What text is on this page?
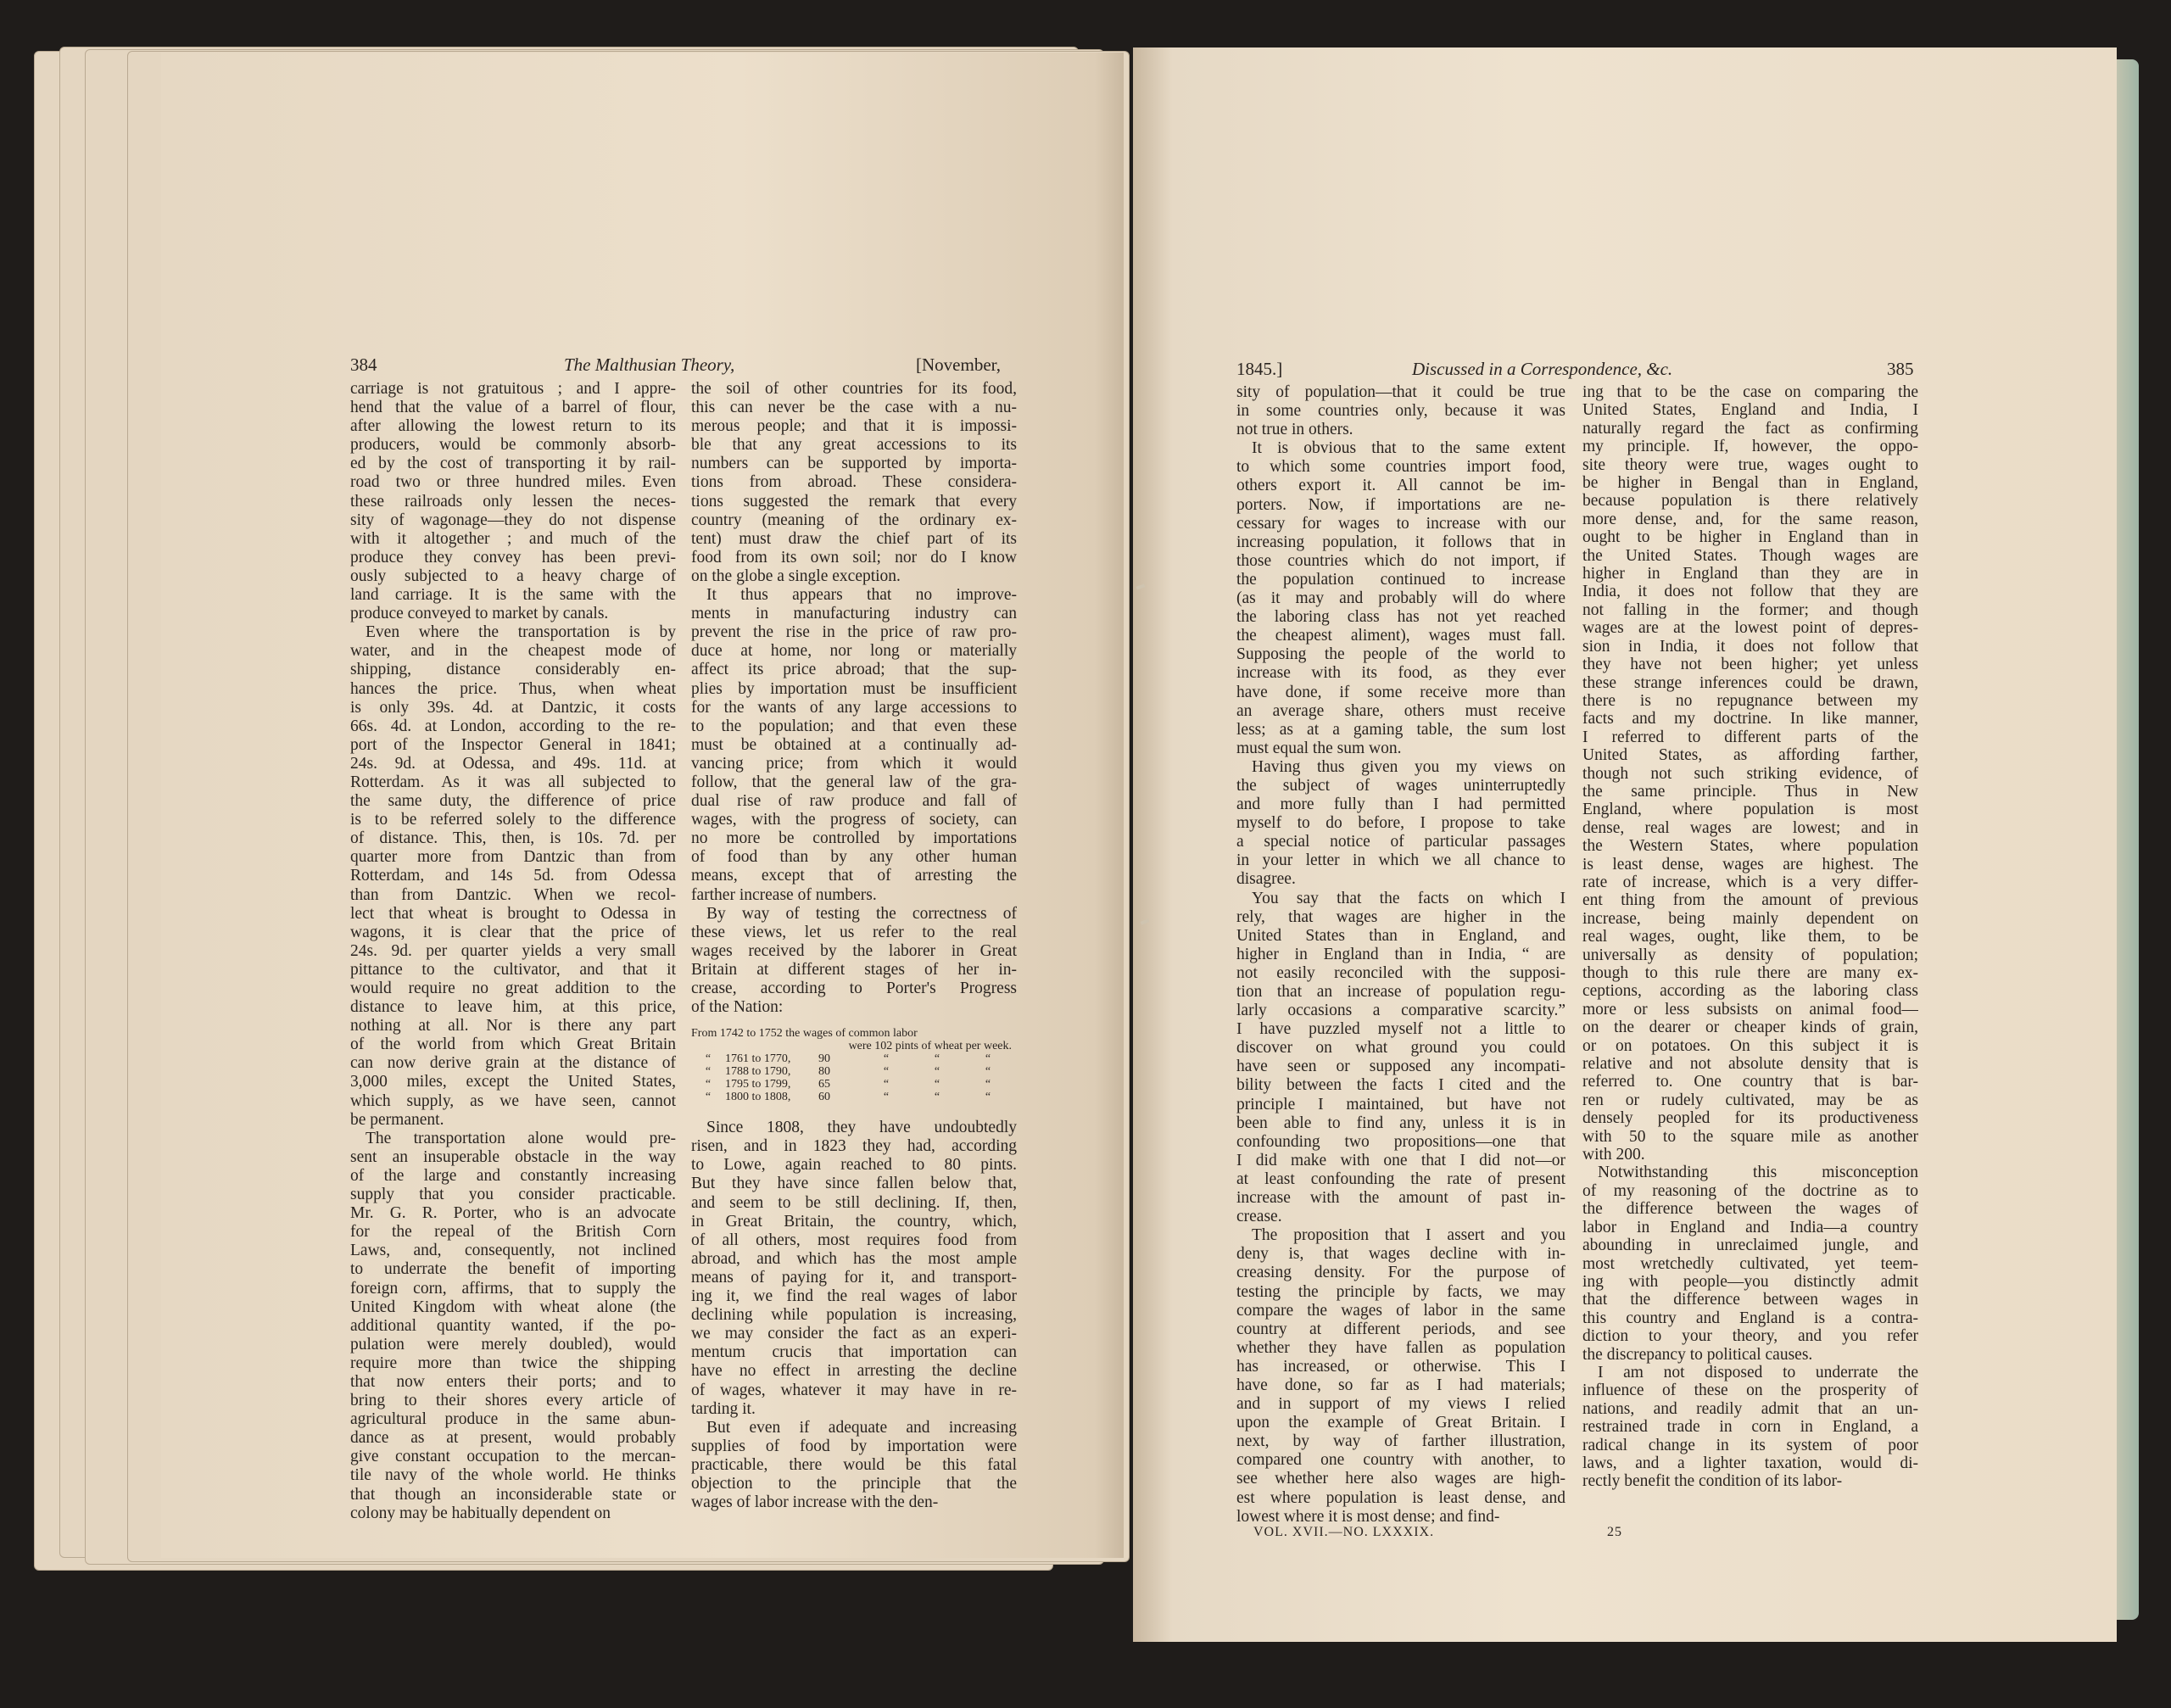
384	The Malthusian Theory,	[November,	1845.]	Discussed in a Correspondence, &c.	385
carriage is not gratuitous ; and I appre-
hend that the value of a barrel of flour,
after allowing the lowest return to its
producers, would be commonly absorb-
ed by the cost of transporting it by rail-
road two or three hundred miles. Even
these railroads only lessen the neces-
sity of wagonage—they do not dispense
with it altogether ; and much of the
produce they convey has been previ-
ously subjected to a heavy charge of
land carriage. It is the same with the
produce conveyed to market by canals.
Even where the transportation is by
water, and in the cheapest mode of
shipping, distance considerably en-
hances the price. Thus, when wheat
is only 39s. 4d. at Dantzic, it costs
66s. 4d. at London, according to the re-
port of the Inspector General in 1841;
24s. 9d. at Odessa, and 49s. 11d. at
Rotterdam. As it was all subjected to
the same duty, the difference of price
is to be referred solely to the difference
of distance. This, then, is 10s. 7d. per
quarter more from Dantzic than from
Rotterdam, and 14s 5d. from Odessa
than from Dantzic. When we recol-
lect that wheat is brought to Odessa in
wagons, it is clear that the price of
24s. 9d. per quarter yields a very small
pittance to the cultivator, and that it
would require no great addition to the
distance to leave him, at this price,
nothing at all. Nor is there any part
of the world from which Great Britain
can now derive grain at the distance of
3,000 miles, except the United States,
which supply, as we have seen, cannot
be permanent.
The transportation alone would pre-
sent an insuperable obstacle in the way
of the large and constantly increasing
supply that you consider practicable.
Mr. G. R. Porter, who is an advocate
for the repeal of the British Corn
Laws, and, consequently, not inclined
to underrate the benefit of importing
foreign corn, affirms, that to supply the
United Kingdom with wheat alone (the
additional quantity wanted, if the po-
pulation were merely doubled), would
require more than twice the shipping
that now enters their ports; and to
bring to their shores every article of
agricultural produce in the same abun-
dance as at present, would probably
give constant occupation to the mercan-
tile navy of the whole world. He thinks
that though an inconsiderable state or
colony may be habitually dependent on
the soil of other countries for its food,
this can never be the case with a nu-
merous people; and that it is impossi-
ble that any great accessions to its
numbers can be supported by importa-
tions from abroad. These considera-
tions suggested the remark that every
country (meaning of the ordinary ex-
tent) must draw the chief part of its
food from its own soil; nor do I know
on the globe a single exception.
It thus appears that no improve-
ments in manufacturing industry can
prevent the rise in the price of raw pro-
duce at home, nor long or materially
affect its price abroad; that the sup-
plies by importation must be insufficient
for the wants of any large accessions to
to the population; and that even these
must be obtained at a continually ad-
vancing price; from which it would
follow, that the general law of the gra-
dual rise of raw produce and fall of
wages, with the progress of society, can
no more be controlled by importations
of food than by any other human
means, except that of arresting the
farther increase of numbers.
By way of testing the correctness of
these views, let us refer to the real
wages received by the laborer in Great
Britain at different stages of her in-
crease, according to Porter's Progress
of the Nation:
From 1742 to 1752 the wages of common labor
were 102 pints of wheat per week.
“	1761 to 1770,	90	“	“	“
“	1788 to 1790,	80	“	“	“
“	1795 to 1799,	65	“	“	“
“	1800 to 1808,	60	“	“	“
Since 1808, they have undoubtedly
risen, and in 1823 they had, according
to Lowe, again reached to 80 pints.
But they have since fallen below that,
and seem to be still declining. If, then,
in Great Britain, the country, which,
of all others, most requires food from
abroad, and which has the most ample
means of paying for it, and transport-
ing it, we find the real wages of labor
declining while population is increasing,
we may consider the fact as an experi-
mentum crucis that importation can
have no effect in arresting the decline
of wages, whatever it may have in re-
tarding it.
But even if adequate and increasing
supplies of food by importation were
practicable, there would be this fatal
objection to the principle that the
wages of labor increase with the den-
sity of population—that it could be true
in some countries only, because it was
not true in others.
It is obvious that to the same extent
to which some countries import food,
others export it. All cannot be im-
porters. Now, if importations are ne-
cessary for wages to increase with our
increasing population, it follows that in
those countries which do not import, if
the population continued to increase
(as it may and probably will do where
the laboring class has not yet reached
the cheapest aliment), wages must fall.
Supposing the people of the world to
increase with its food, as they ever
have done, if some receive more than
an average share, others must receive
less; as at a gaming table, the sum lost
must equal the sum won.
Having thus given you my views on
the subject of wages uninterruptedly
and more fully than I had permitted
myself to do before, I propose to take
a special notice of particular passages
in your letter in which we all chance to
disagree.
You say that the facts on which I
rely, that wages are higher in the
United States than in England, and
higher in England than in India, “ are
not easily reconciled with the supposi-
tion that an increase of population regu-
larly occasions a comparative scarcity.”
I have puzzled myself not a little to
discover on what ground you could
have seen or supposed any incompati-
bility between the facts I cited and the
principle I maintained, but have not
been able to find any, unless it is in
confounding two propositions—one that
I did make with one that I did not—or
at least confounding the rate of present
increase with the amount of past in-
crease.
The proposition that I assert and you
deny is, that wages decline with in-
creasing density. For the purpose of
testing the principle by facts, we may
compare the wages of labor in the same
country at different periods, and see
whether they have fallen as population
has increased, or otherwise. This I
have done, so far as I had materials;
and in support of my views I relied
upon the example of Great Britain. I
next, by way of farther illustration,
compared one country with another, to
see whether here also wages are high-
est where population is least dense, and
lowest where it is most dense; and find-
ing that to be the case on comparing the
United States, England and India, I
naturally regard the fact as confirming
my principle. If, however, the oppo-
site theory were true, wages ought to
be higher in Bengal than in England,
because population is there relatively
more dense, and, for the same reason,
ought to be higher in England than in
the United States. Though wages are
higher in England than they are in
India, it does not follow that they are
not falling in the former; and though
wages are at the lowest point of depres-
sion in India, it does not follow that
they have not been higher; yet unless
these strange inferences could be drawn,
there is no repugnance between my
facts and my doctrine. In like manner,
I referred to different parts of the
United States, as affording farther,
though not such striking evidence, of
the same principle. Thus in New
England, where population is most
dense, real wages are lowest; and in
the Western States, where population
is least dense, wages are highest. The
rate of increase, which is a very differ-
ent thing from the amount of previous
increase, being mainly dependent on
real wages, ought, like them, to be
universally as density of population;
though to this rule there are many ex-
ceptions, according as the laboring class
more or less subsists on animal food—
on the dearer or cheaper kinds of grain,
or on potatoes. On this subject it is
relative and not absolute density that is
referred to. One country that is bar-
ren or rudely cultivated, may be as
densely peopled for its productiveness
with 50 to the square mile as another
with 200.
Notwithstanding this misconception
of my reasoning of the doctrine as to
the difference between the wages of
labor in England and India—a country
abounding in unreclaimed jungle, and
most wretchedly cultivated, yet teem-
ing with people—you distinctly admit
that the difference between wages in
this country and England is a contra-
diction to your theory, and you refer
the discrepancy to political causes.
I am not disposed to underrate the
influence of these on the prosperity of
nations, and readily admit that an un-
restrained trade in corn in England, a
radical change in its system of poor
laws, and a lighter taxation, would di-
rectly benefit the condition of its labor-
VOL. XVII.—NO. LXXXIX.	25
